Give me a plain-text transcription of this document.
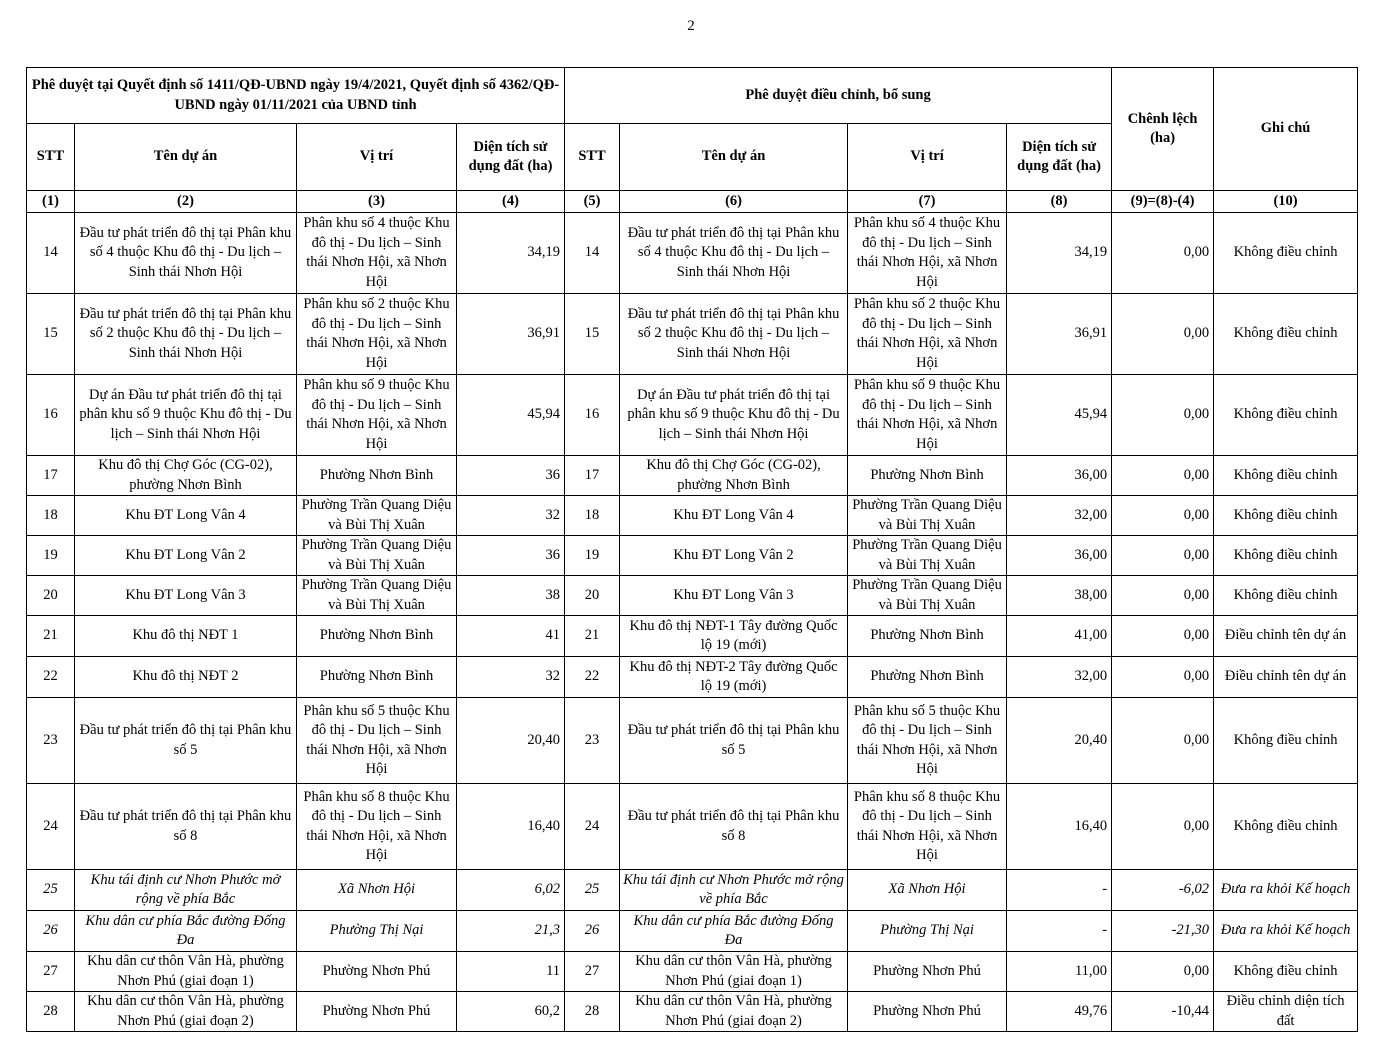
2
Phê duyệt tại Quyết định số 1411/QĐ-UBND ngày 19/4/2021, Quyết định số 4362/QĐ-UBND ngày 01/11/2021 của UBND tỉnh				Phê duyệt điều chỉnh, bổ sung				Chênh lệch (ha)	Ghi chú
STT	Tên dự án	Vị trí	Diện tích sử dụng đất (ha)	STT	Tên dự án	Vị trí	Diện tích sử dụng đất (ha)		
(1)	(2)	(3)	(4)	(5)	(6)	(7)	(8)	(9)=(8)-(4)	(10)
14	Đầu tư phát triển đô thị tại Phân khu số 4 thuộc Khu đô thị - Du lịch – Sinh thái Nhơn Hội	Phân khu số 4 thuộc Khu đô thị - Du lịch – Sinh thái Nhơn Hội, xã Nhơn Hội	34,19	14	Đầu tư phát triển đô thị tại Phân khu số 4 thuộc Khu đô thị - Du lịch – Sinh thái Nhơn Hội	Phân khu số 4 thuộc Khu đô thị - Du lịch – Sinh thái Nhơn Hội, xã Nhơn Hội	34,19	0,00	Không điều chỉnh
15	Đầu tư phát triển đô thị tại Phân khu số 2 thuộc Khu đô thị - Du lịch – Sinh thái Nhơn Hội	Phân khu số 2 thuộc Khu đô thị - Du lịch – Sinh thái Nhơn Hội, xã Nhơn Hội	36,91	15	Đầu tư phát triển đô thị tại Phân khu số 2 thuộc Khu đô thị - Du lịch – Sinh thái Nhơn Hội	Phân khu số 2 thuộc Khu đô thị - Du lịch – Sinh thái Nhơn Hội, xã Nhơn Hội	36,91	0,00	Không điều chỉnh
16	Dự án Đầu tư phát triển đô thị tại phân khu số 9 thuộc Khu đô thị - Du lịch – Sinh thái Nhơn Hội	Phân khu số 9 thuộc Khu đô thị - Du lịch – Sinh thái Nhơn Hội, xã Nhơn Hội	45,94	16	Dự án Đầu tư phát triển đô thị tại phân khu số 9 thuộc Khu đô thị - Du lịch – Sinh thái Nhơn Hội	Phân khu số 9 thuộc Khu đô thị - Du lịch – Sinh thái Nhơn Hội, xã Nhơn Hội	45,94	0,00	Không điều chỉnh
17	Khu đô thị Chợ Góc (CG-02), phường Nhơn Bình	Phường Nhơn Bình	36	17	Khu đô thị Chợ Góc (CG-02), phường Nhơn Bình	Phường Nhơn Bình	36,00	0,00	Không điều chỉnh
18	Khu ĐT Long Vân 4	Phường Trần Quang Diệu và Bùi Thị Xuân	32	18	Khu ĐT Long Vân 4	Phường Trần Quang Diệu và Bùi Thị Xuân	32,00	0,00	Không điều chỉnh
19	Khu ĐT Long Vân 2	Phường Trần Quang Diệu và Bùi Thị Xuân	36	19	Khu ĐT Long Vân 2	Phường Trần Quang Diệu và Bùi Thị Xuân	36,00	0,00	Không điều chỉnh
20	Khu ĐT Long Vân 3	Phường Trần Quang Diệu và Bùi Thị Xuân	38	20	Khu ĐT Long Vân 3	Phường Trần Quang Diệu và Bùi Thị Xuân	38,00	0,00	Không điều chỉnh
21	Khu đô thị NĐT 1	Phường Nhơn Bình	41	21	Khu đô thị NĐT-1 Tây đường Quốc lộ 19 (mới)	Phường Nhơn Bình	41,00	0,00	Điều chỉnh tên dự án
22	Khu đô thị NĐT 2	Phường Nhơn Bình	32	22	Khu đô thị NĐT-2 Tây đường Quốc lộ 19 (mới)	Phường Nhơn Bình	32,00	0,00	Điều chỉnh tên dự án
23	Đầu tư phát triển đô thị tại Phân khu số 5	Phân khu số 5 thuộc Khu đô thị - Du lịch – Sinh thái Nhơn Hội, xã Nhơn Hội	20,40	23	Đầu tư phát triển đô thị tại Phân khu số 5	Phân khu số 5 thuộc Khu đô thị - Du lịch – Sinh thái Nhơn Hội, xã Nhơn Hội	20,40	0,00	Không điều chỉnh
24	Đầu tư phát triển đô thị tại Phân khu số 8	Phân khu số 8 thuộc Khu đô thị - Du lịch – Sinh thái Nhơn Hội, xã Nhơn Hội	16,40	24	Đầu tư phát triển đô thị tại Phân khu số 8	Phân khu số 8 thuộc Khu đô thị - Du lịch – Sinh thái Nhơn Hội, xã Nhơn Hội	16,40	0,00	Không điều chỉnh
25	Khu tái định cư Nhơn Phước mở rộng về phía Bắc	Xã Nhơn Hội	6,02	25	Khu tái định cư Nhơn Phước mở rộng về phía Bắc	Xã Nhơn Hội	-	-6,02	Đưa ra khỏi Kế hoạch
26	Khu dân cư phía Bắc đường Đống Đa	Phường Thị Nại	21,3	26	Khu dân cư phía Bắc đường Đống Đa	Phường Thị Nại	-	-21,30	Đưa ra khỏi Kế hoạch
27	Khu dân cư thôn Vân Hà, phường Nhơn Phú (giai đoạn 1)	Phường Nhơn Phú	11	27	Khu dân cư thôn Vân Hà, phường Nhơn Phú (giai đoạn 1)	Phường Nhơn Phú	11,00	0,00	Không điều chỉnh
28	Khu dân cư thôn Vân Hà, phường Nhơn Phú (giai đoạn 2)	Phường Nhơn Phú	60,2	28	Khu dân cư thôn Vân Hà, phường Nhơn Phú (giai đoạn 2)	Phường Nhơn Phú	49,76	-10,44	Điều chỉnh diện tích đất
